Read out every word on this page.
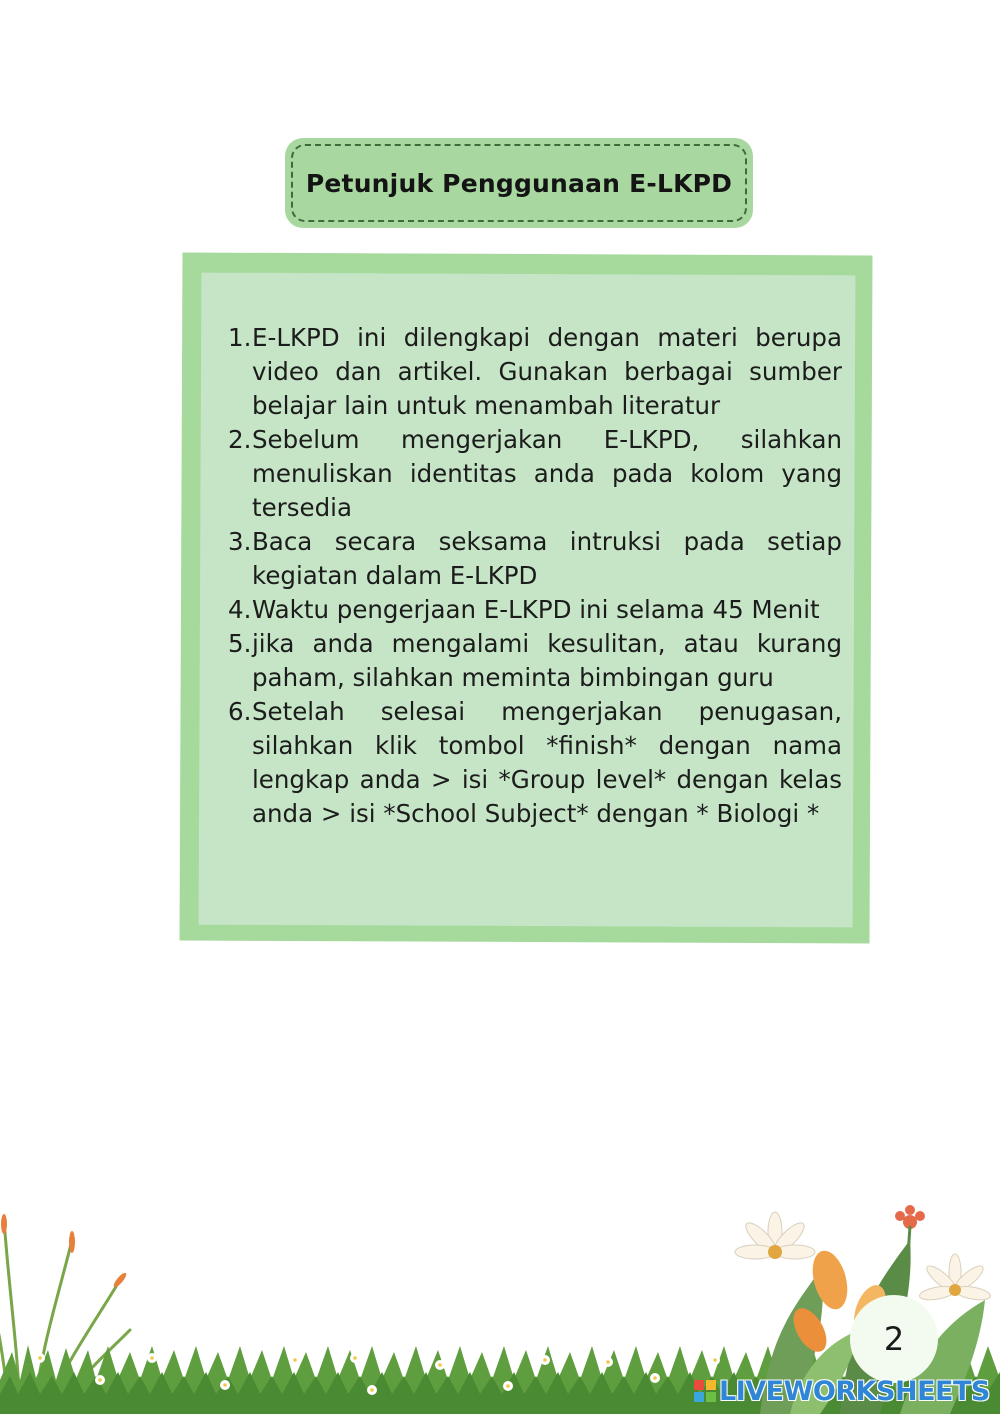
Petunjuk Penggunaan E-LKPD
1. E-LKPD ini dilengkapi dengan materi berupa video dan artikel. Gunakan berbagai sumber belajar lain untuk menambah literatur
2. Sebelum mengerjakan E-LKPD, silahkan menuliskan identitas anda pada kolom yang tersedia
3. Baca secara seksama intruksi pada setiap kegiatan dalam E-LKPD
4. Waktu pengerjaan E-LKPD ini selama 45 Menit
5. jika anda mengalami kesulitan, atau kurang paham, silahkan meminta bimbingan guru
6. Setelah selesai mengerjakan penugasan, silahkan klik tombol *finish* dengan nama lengkap anda > isi *Group level* dengan kelas anda > isi *School Subject* dengan * Biologi *
2
LIVEWORKSHEETS
